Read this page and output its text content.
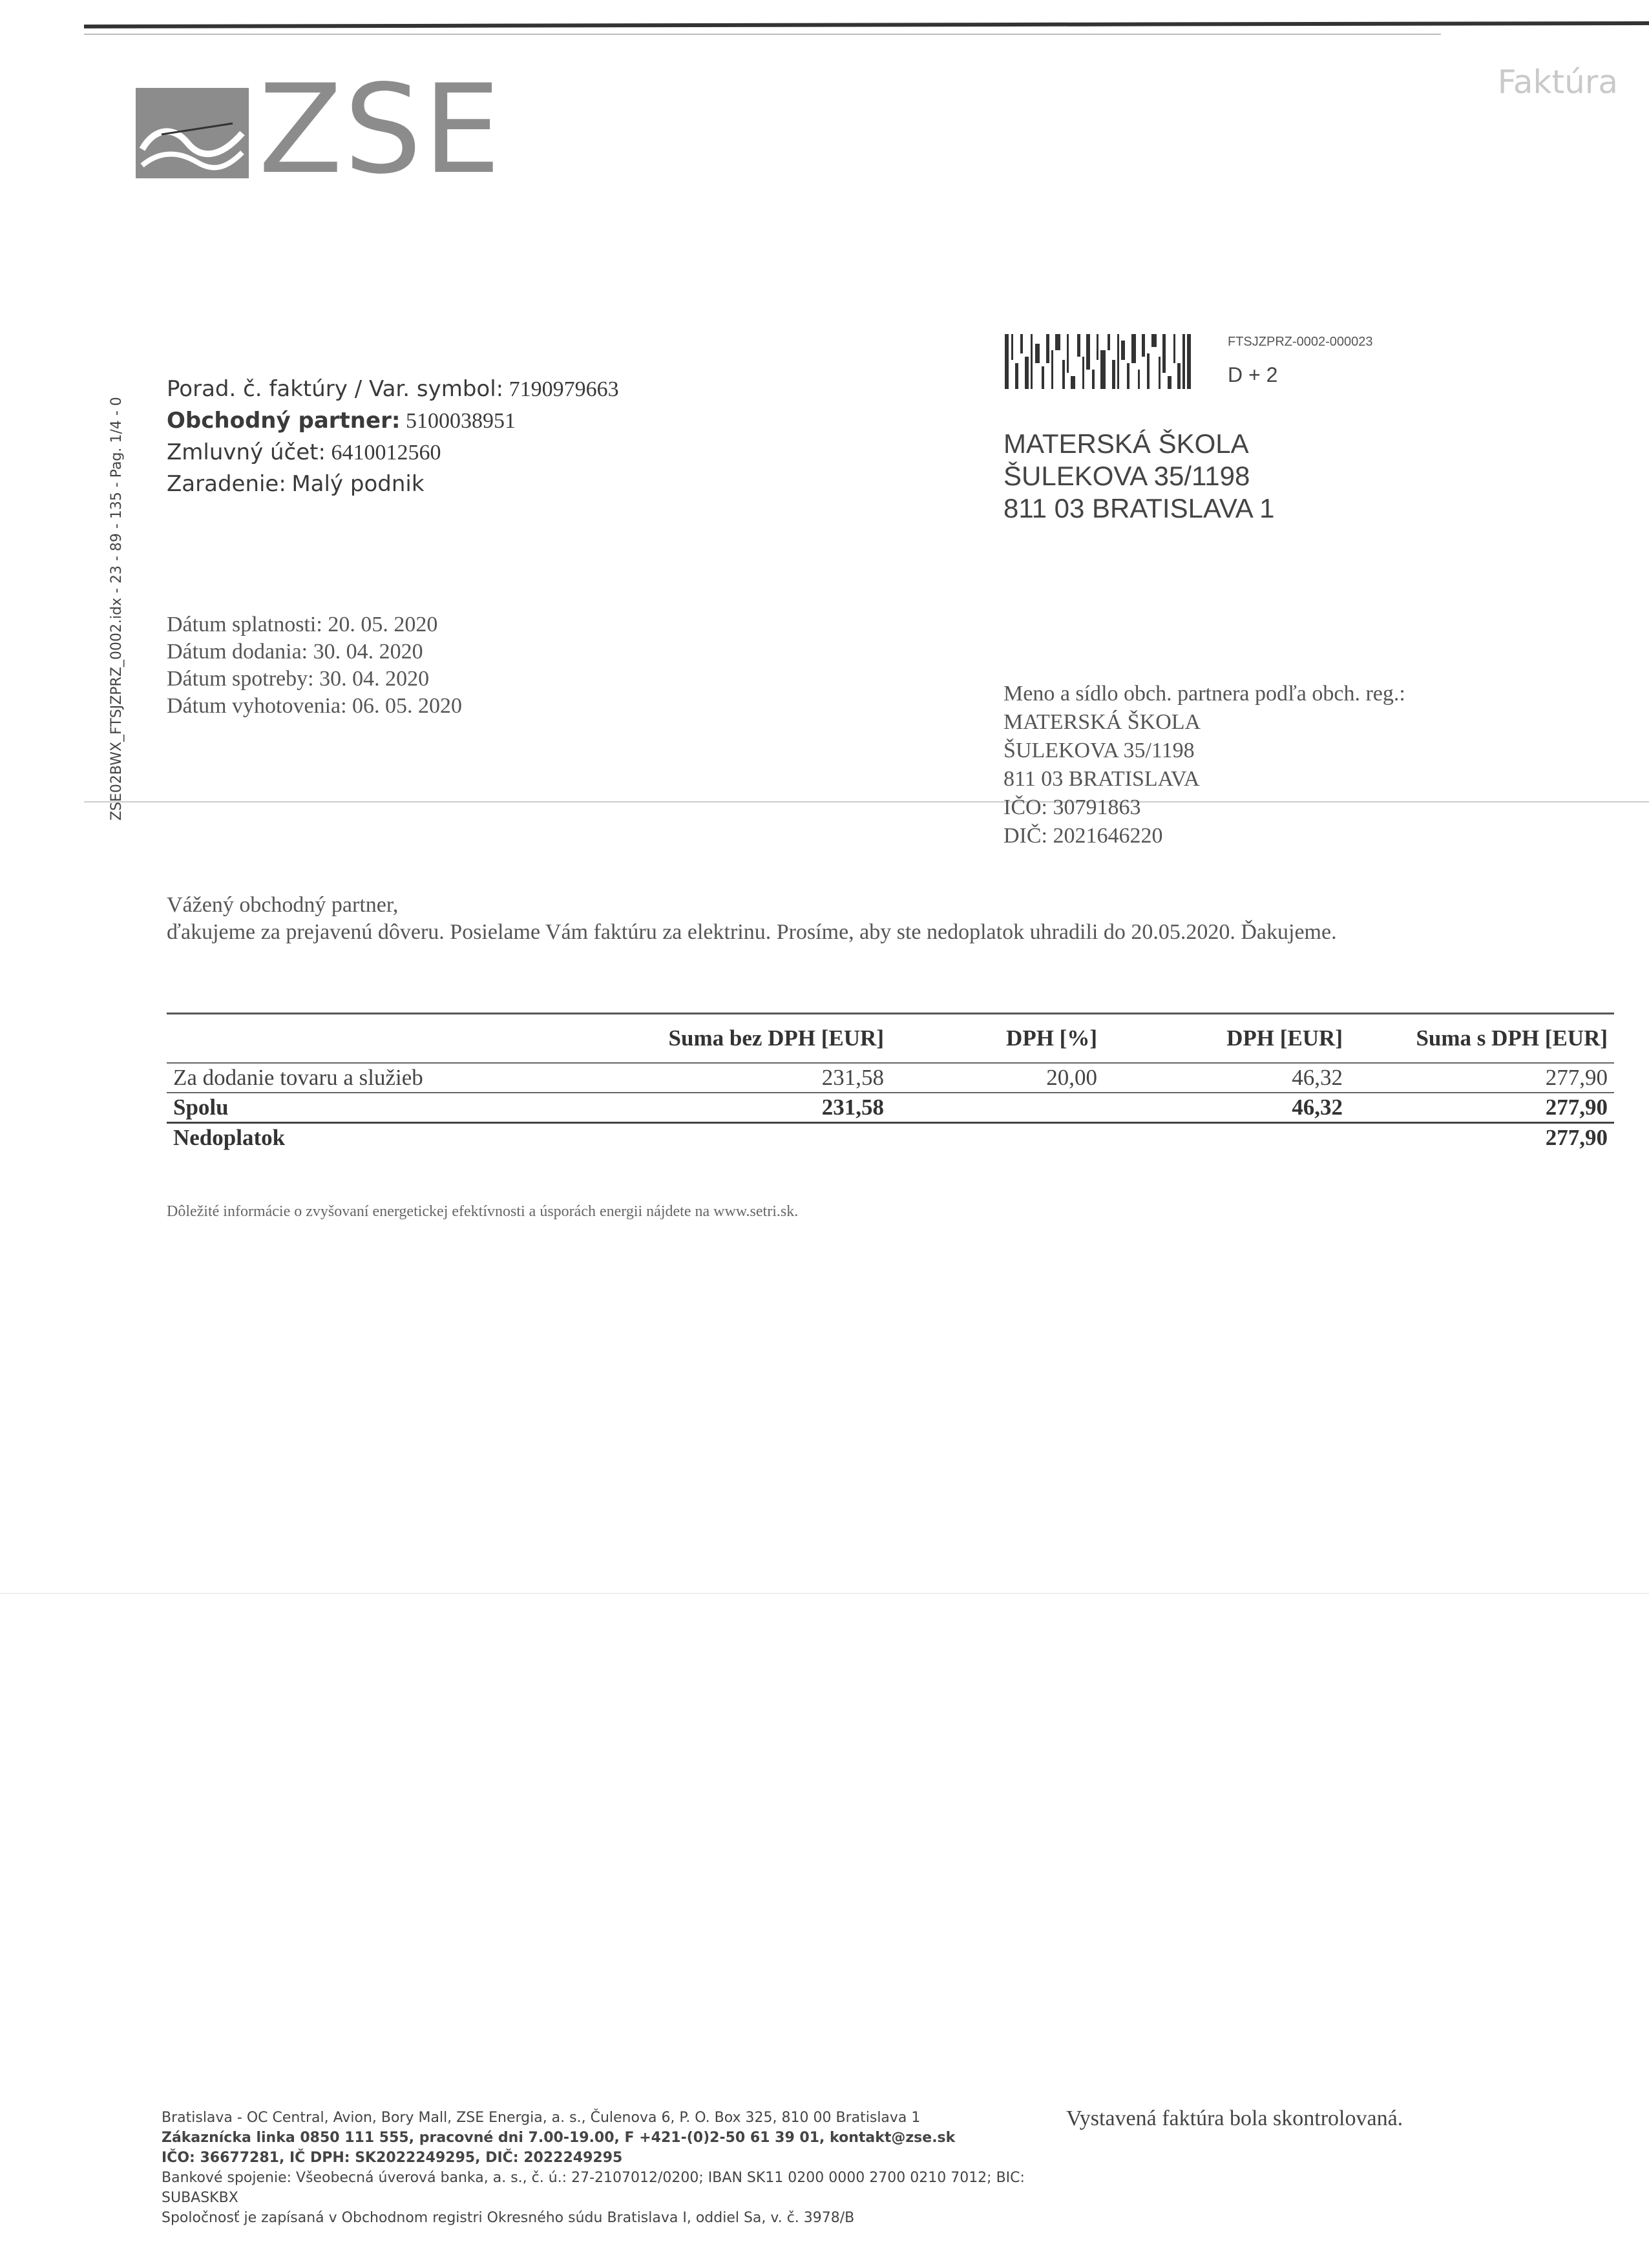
ZSE	Faktúra
ZSE02BWX_FTSJZPRZ_0002.idx - 23 - 89 - 135 - Pag. 1/4 - 0
Porad. č. faktúry / Var. symbol: 7190979663
Obchodný partner: 5100038951
Zmluvný účet: 6410012560
Zaradenie: Malý podnik
Dátum splatnosti: 20. 05. 2020
Dátum dodania: 30. 04. 2020
Dátum spotreby: 30. 04. 2020
Dátum vyhotovenia: 06. 05. 2020
FTSJZPRZ-0002-000023
D + 2
MATERSKÁ ŠKOLA
ŠULEKOVA 35/1198
811 03 BRATISLAVA 1
Meno a sídlo obch. partnera podľa obch. reg.:
MATERSKÁ ŠKOLA
ŠULEKOVA 35/1198
811 03 BRATISLAVA
IČO: 30791863
DIČ: 2021646220
Vážený obchodný partner,
ďakujeme za prejavenú dôveru. Posielame Vám faktúru za elektrinu. Prosíme, aby ste nedoplatok uhradili do 20.05.2020. Ďakujeme.
	Suma bez DPH [EUR]	DPH [%]	DPH [EUR]	Suma s DPH [EUR]
Za dodanie tovaru a služieb	231,58	20,00	46,32	277,90
Spolu	231,58		46,32	277,90
Nedoplatok				277,90
Dôležité informácie o zvyšovaní energetickej efektívnosti a úsporách energii nájdete na www.setri.sk.
Bratislava - OC Central, Avion, Bory Mall, ZSE Energia, a. s., Čulenova 6, P. O. Box 325, 810 00 Bratislava 1
Zákaznícka linka 0850 111 555, pracovné dni 7.00-19.00, F +421-(0)2-50 61 39 01, kontakt@zse.sk
IČO: 36677281, IČ DPH: SK2022249295, DIČ: 2022249295
Bankové spojenie: Všeobecná úverová banka, a. s., č. ú.: 27-2107012/0200; IBAN SK11 0200 0000 2700 0210 7012; BIC:
SUBASKBX
Spoločnosť je zapísaná v Obchodnom registri Okresného súdu Bratislava I, oddiel Sa, v. č. 3978/B
Vystavená faktúra bola skontrolovaná.
